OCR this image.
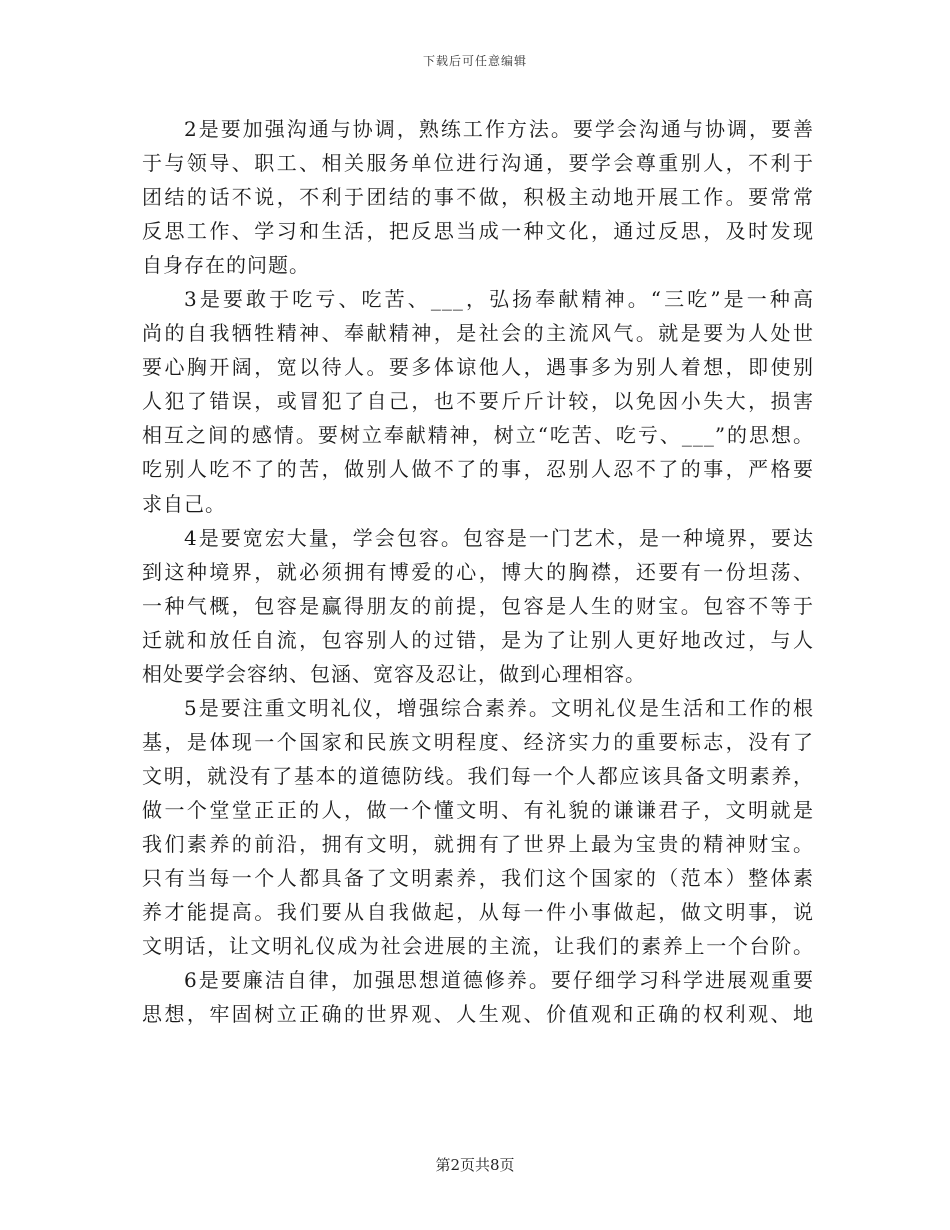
下载后可任意编辑
2是要加强沟通与协调，熟练工作方法。要学会沟通与协调，要善
于与领导、职工、相关服务单位进行沟通，要学会尊重别人，不利于
团结的话不说，不利于团结的事不做，积极主动地开展工作。要常常
反思工作、学习和生活，把反思当成一种文化，通过反思，及时发现
自身存在的问题。
3是要敢于吃亏、吃苦、___，弘扬奉献精神。“三吃”是一种高
尚的自我牺牲精神、奉献精神，是社会的主流风气。就是要为人处世
要心胸开阔，宽以待人。要多体谅他人，遇事多为别人着想，即使别
人犯了错误，或冒犯了自己，也不要斤斤计较，以免因小失大，损害
相互之间的感情。要树立奉献精神，树立“吃苦、吃亏、___”的思想。
吃别人吃不了的苦，做别人做不了的事，忍别人忍不了的事，严格要
求自己。
4是要宽宏大量，学会包容。包容是一门艺术，是一种境界，要达
到这种境界，就必须拥有博爱的心，博大的胸襟，还要有一份坦荡、
一种气概，包容是赢得朋友的前提，包容是人生的财宝。包容不等于
迁就和放任自流，包容别人的过错，是为了让别人更好地改过，与人
相处要学会容纳、包涵、宽容及忍让，做到心理相容。
5是要注重文明礼仪，增强综合素养。文明礼仪是生活和工作的根
基，是体现一个国家和民族文明程度、经济实力的重要标志，没有了
文明，就没有了基本的道德防线。我们每一个人都应该具备文明素养，
做一个堂堂正正的人，做一个懂文明、有礼貌的谦谦君子，文明就是
我们素养的前沿，拥有文明，就拥有了世界上最为宝贵的精神财宝。
只有当每一个人都具备了文明素养，我们这个国家的（范本）整体素
养才能提高。我们要从自我做起，从每一件小事做起，做文明事，说
文明话，让文明礼仪成为社会进展的主流，让我们的素养上一个台阶。
6是要廉洁自律，加强思想道德修养。要仔细学习科学进展观重要
思想，牢固树立正确的世界观、人生观、价值观和正确的权利观、地
第2页共8页
